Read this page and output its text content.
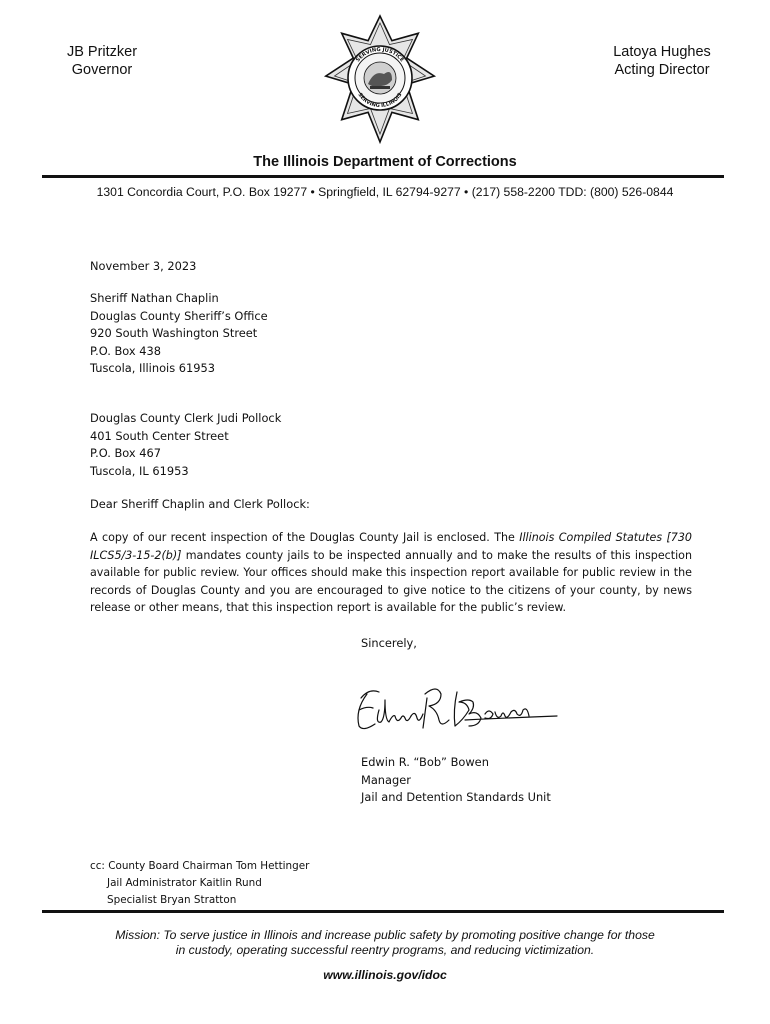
JB Pritzker
Governor
SERVING JUSTICE
SERVING ILLINOIS
Latoya Hughes
Acting Director
The Illinois Department of Corrections
1301 Concordia Court, P.O. Box 19277 • Springfield, IL 62794-9277 • (217) 558-2200 TDD: (800) 526-0844
November 3, 2023
Sheriff Nathan Chaplin
Douglas County Sheriff’s Office
920 South Washington Street
P.O. Box 438
Tuscola, Illinois 61953
Douglas County Clerk Judi Pollock
401 South Center Street
P.O. Box 467
Tuscola, IL 61953
Dear Sheriff Chaplin and Clerk Pollock:
A copy of our recent inspection of the Douglas County Jail is enclosed. The Illinois Compiled Statutes [730 ILCS5/3-15-2(b)] mandates county jails to be inspected annually and to make the results of this inspection available for public review. Your offices should make this inspection report available for public review in the records of Douglas County and you are encouraged to give notice to the citizens of your county, by news release or other means, that this inspection report is available for the public’s review.
Sincerely,
Edwin R. “Bob” Bowen
Manager
Jail and Detention Standards Unit
cc: County Board Chairman Tom Hettinger
Jail Administrator Kaitlin Rund
Specialist Bryan Stratton
Mission: To serve justice in Illinois and increase public safety by promoting positive change for those
in custody, operating successful reentry programs, and reducing victimization.
www.illinois.gov/idoc
